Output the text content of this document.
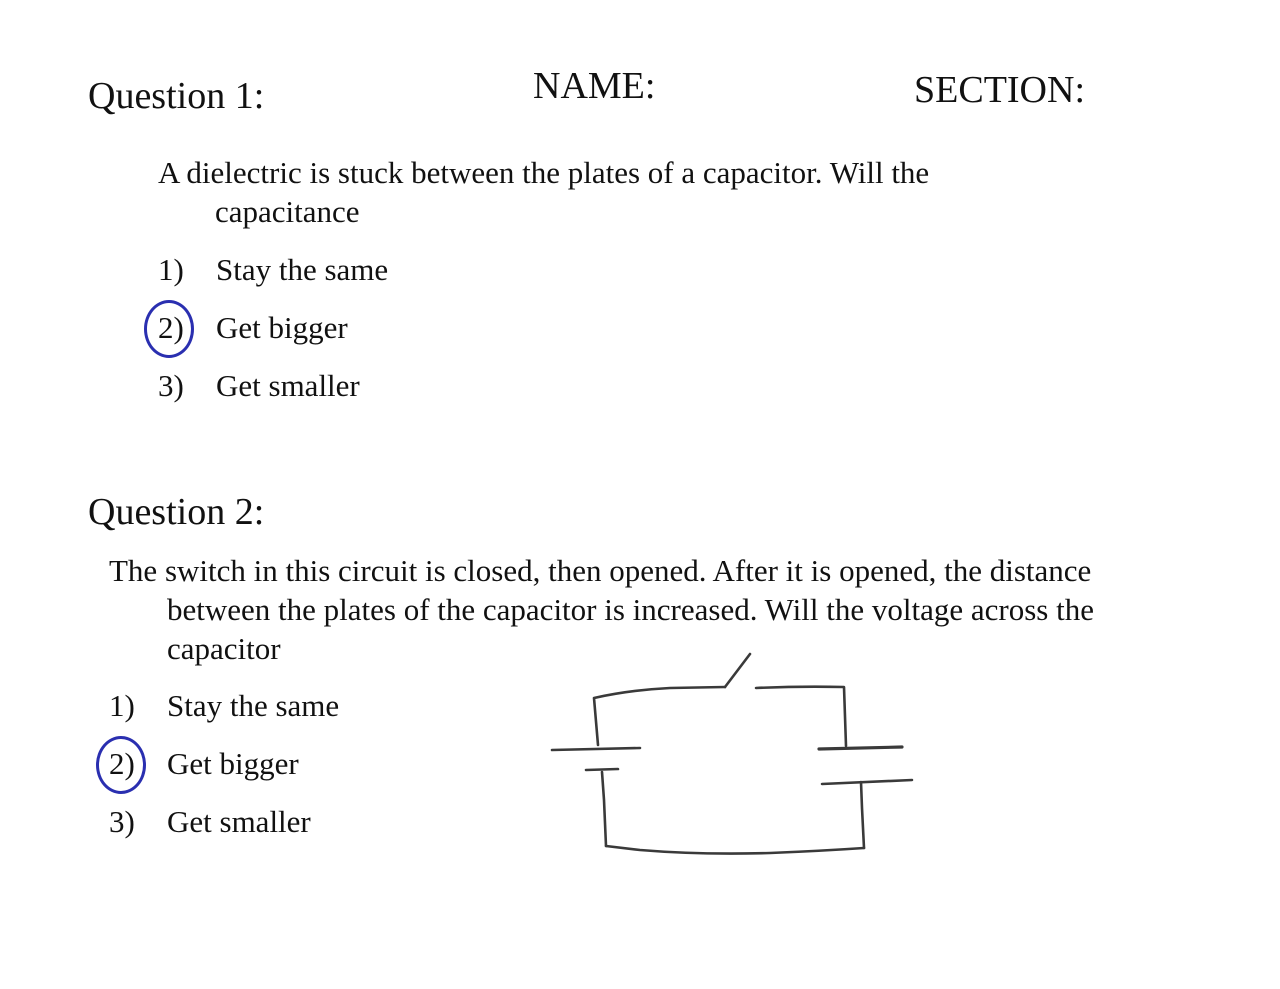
Question 1:	NAME:	SECTION:
A dielectric is stuck between the plates of a capacitor. Will the
capacitance
1) Stay the same
2) Get bigger
3) Get smaller
Question 2:
The switch in this circuit is closed, then opened. After it is opened, the distance
between the plates of the capacitor is increased. Will the voltage across the
capacitor
1) Stay the same
2) Get bigger
3) Get smaller
